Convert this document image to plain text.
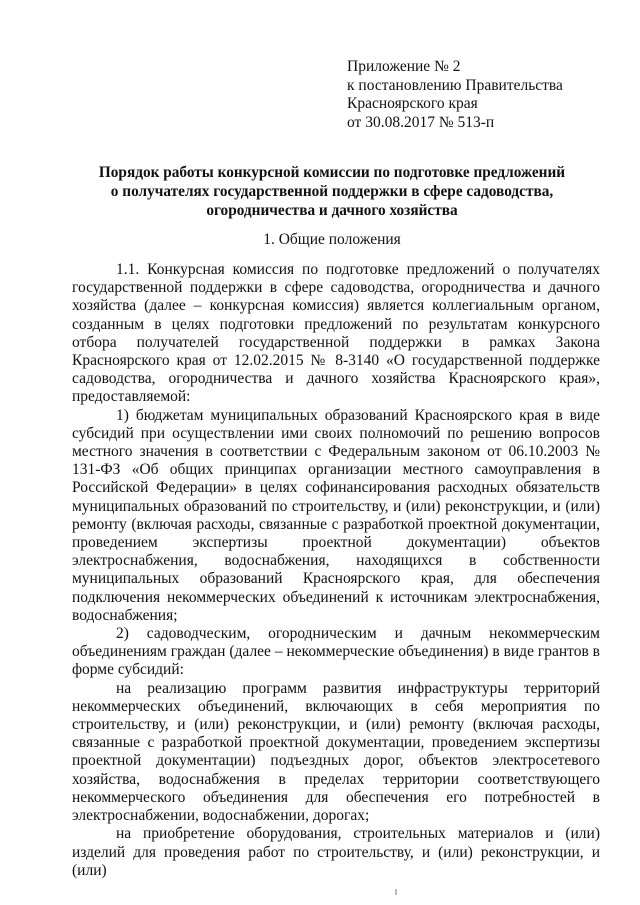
Приложение № 2
к постановлению Правительства
Красноярского края
от 30.08.2017 № 513-п
Порядок работы конкурсной комиссии по подготовке предложений
о получателях государственной поддержки в сфере садоводства,
огородничества и дачного хозяйства
1. Общие положения

1.1. Конкурсная комиссия по подготовке предложений о получателях государственной поддержки в сфере садоводства, огородничества и дачного хозяйства (далее – конкурсная комиссия) является коллегиальным органом, созданным в целях подготовки предложений по результатам конкурсного отбора получателей государственной поддержки в рамках Закона Красноярского края от 12.02.2015 № 8-3140 «О государственной поддержке садоводства, огородничества и дачного хозяйства Красноярского края», предоставляемой:

1) бюджетам муниципальных образований Красноярского края в виде субсидий при осуществлении ими своих полномочий по решению вопросов местного значения в соответствии с Федеральным законом от 06.10.2003 № 131-ФЗ «Об общих принципах организации местного самоуправления в Российской Федерации» в целях софинансирования расходных обязательств муниципальных образований по строительству, и (или) реконструкции, и (или) ремонту (включая расходы, связанные с разработкой проектной документации, проведением экспертизы проектной документации) объектов электроснабжения, водоснабжения, находящихся в собственности муниципальных образований Красноярского края, для обеспечения подключения некоммерческих объединений к источникам электроснабжения, водоснабжения;

2) садоводческим, огородническим и дачным некоммерческим объединениям граждан (далее – некоммерческие объединения) в виде грантов в форме субсидий:

на реализацию программ развития инфраструктуры территорий некоммерческих объединений, включающих в себя мероприятия по строительству, и (или) реконструкции, и (или) ремонту (включая расходы, связанные с разработкой проектной документации, проведением экспертизы проектной документации) подъездных дорог, объектов электросетевого хозяйства, водоснабжения в пределах территории соответствующего некоммерческого объединения для обеспечения его потребностей в электроснабжении, водоснабжении, дорогах;

на приобретение оборудования, строительных материалов и (или) изделий для проведения работ по строительству, и (или) реконструкции, и (или)
